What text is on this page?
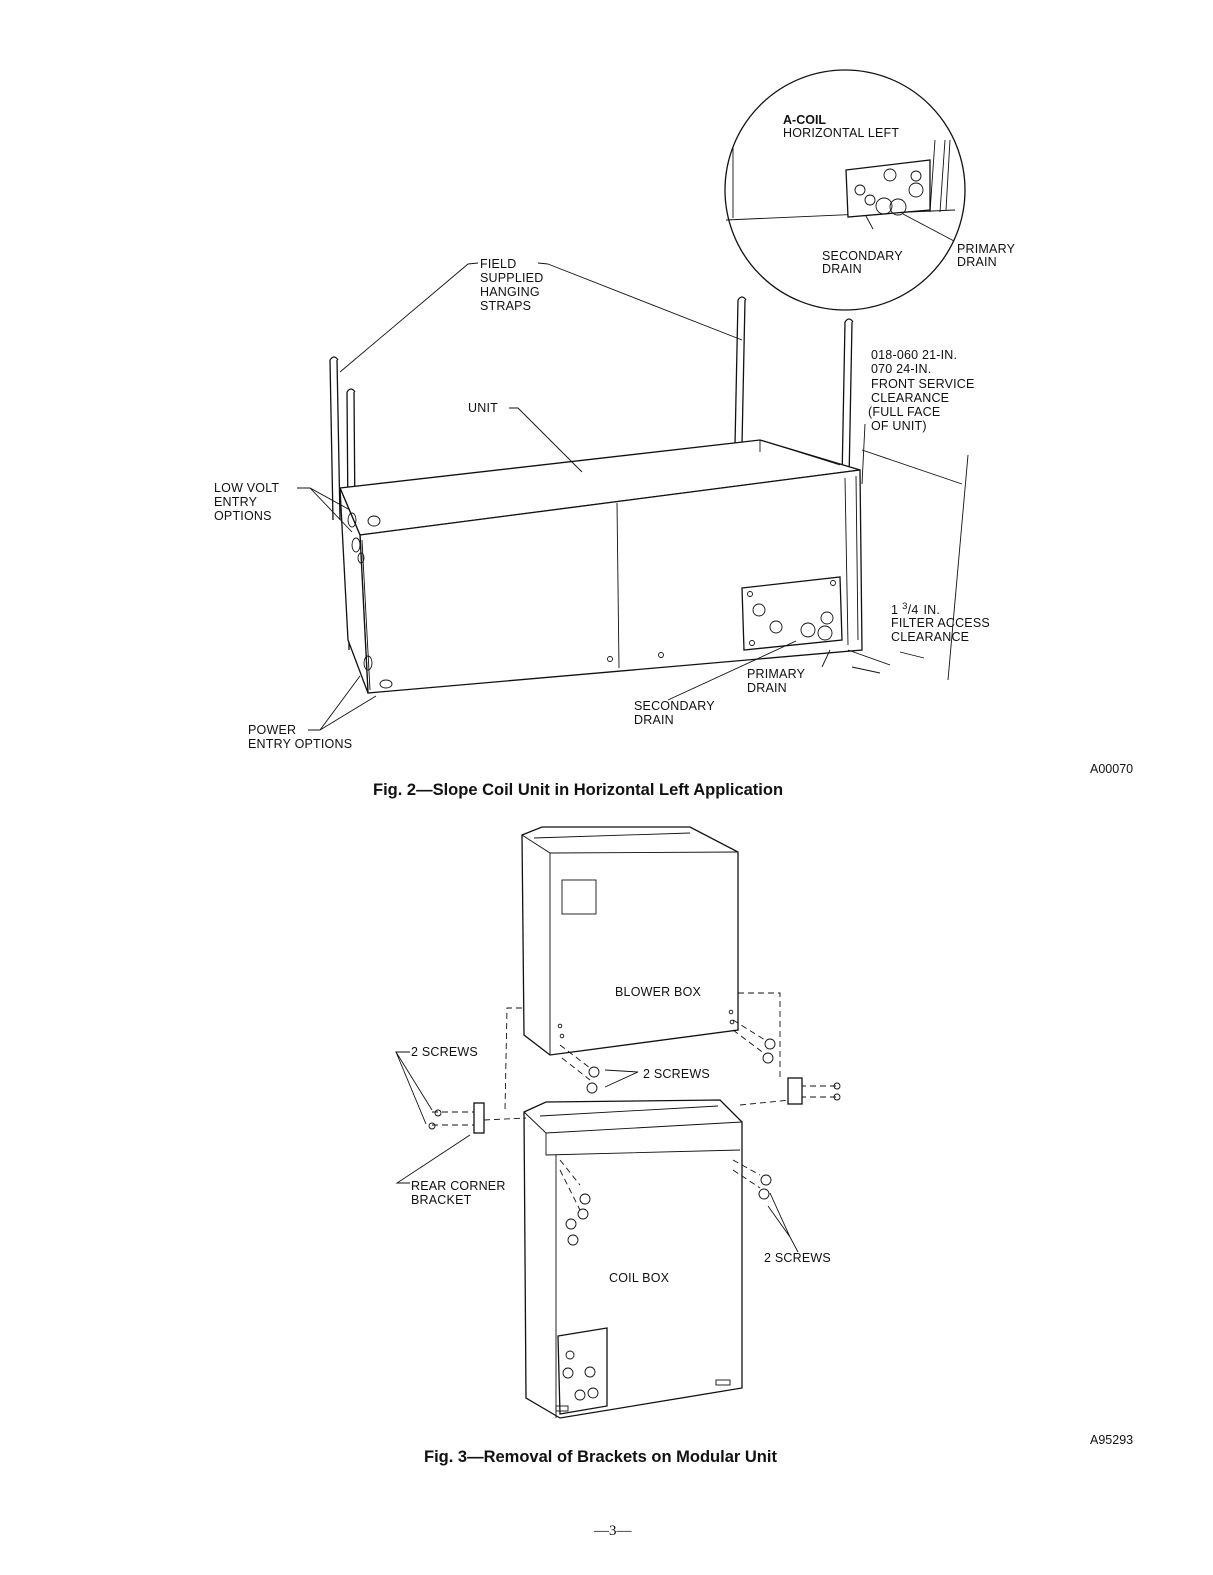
A-COIL
HORIZONTAL LEFT
SECONDARY
DRAIN
PRIMARY
DRAIN
FIELD
SUPPLIED
HANGING
STRAPS
UNIT
018-060 21-IN.
070 24-IN.
FRONT SERVICE
CLEARANCE
(FULL FACE
OF UNIT)
LOW VOLT
ENTRY
OPTIONS
1 $^3$/4 IN.
FILTER ACCESS
CLEARANCE
PRIMARY
DRAIN
SECONDARY
DRAIN
POWER
ENTRY OPTIONS
A00070
Fig. 2—Slope Coil Unit in Horizontal Left Application
BLOWER BOX
2 SCREWS
2 SCREWS
REAR CORNER
BRACKET
2 SCREWS
COIL BOX
A95293
Fig. 3—Removal of Brackets on Modular Unit
—3—
